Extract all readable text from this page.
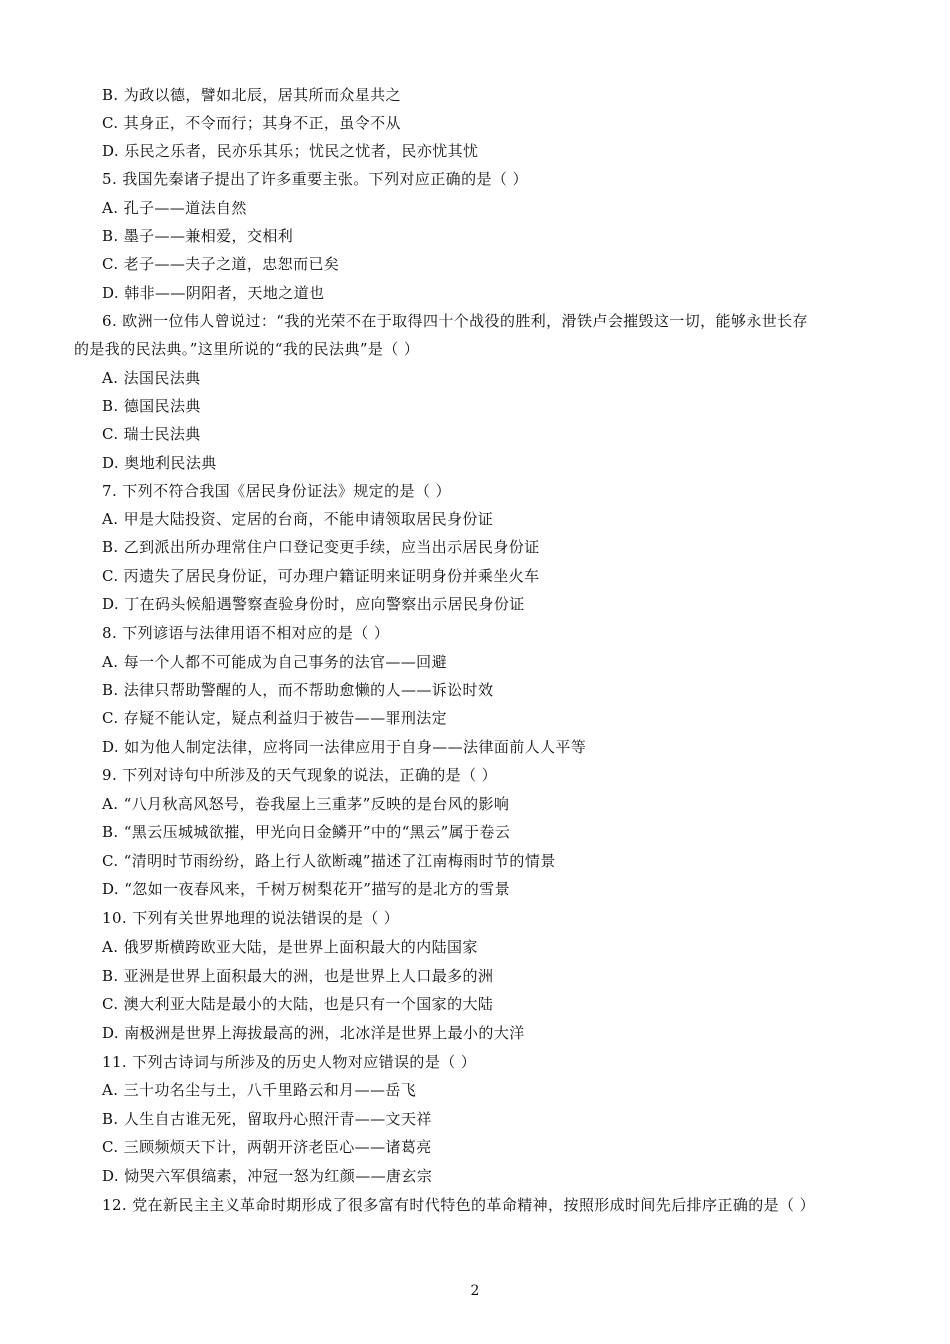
B. 为政以德，譬如北辰，居其所而众星共之
C. 其身正，不令而行；其身不正，虽令不从
D. 乐民之乐者，民亦乐其乐；忧民之忧者，民亦忧其忧
5. 我国先秦诸子提出了许多重要主张。下列对应正确的是（ ）
A. 孔子——道法自然
B. 墨子——兼相爱，交相利
C. 老子——夫子之道，忠恕而已矣
D. 韩非——阴阳者，天地之道也
6. 欧洲一位伟人曾说过：“我的光荣不在于取得四十个战役的胜利，滑铁卢会摧毁这一切，能够永世长存
的是我的民法典。”这里所说的“我的民法典”是（ ）
A. 法国民法典
B. 德国民法典
C. 瑞士民法典
D. 奥地利民法典
7. 下列不符合我国《居民身份证法》规定的是（ ）
A. 甲是大陆投资、定居的台商，不能申请领取居民身份证
B. 乙到派出所办理常住户口登记变更手续，应当出示居民身份证
C. 丙遗失了居民身份证，可办理户籍证明来证明身份并乘坐火车
D. 丁在码头候船遇警察查验身份时，应向警察出示居民身份证
8. 下列谚语与法律用语不相对应的是（ ）
A. 每一个人都不可能成为自己事务的法官——回避
B. 法律只帮助警醒的人，而不帮助愈懒的人——诉讼时效
C. 存疑不能认定，疑点利益归于被告——罪刑法定
D. 如为他人制定法律，应将同一法律应用于自身——法律面前人人平等
9. 下列对诗句中所涉及的天气现象的说法，正确的是（ ）
A. “八月秋高风怒号，卷我屋上三重茅”反映的是台风的影响
B. “黑云压城城欲摧，甲光向日金鳞开”中的“黑云”属于卷云
C. “清明时节雨纷纷，路上行人欲断魂”描述了江南梅雨时节的情景
D. “忽如一夜春风来，千树万树梨花开”描写的是北方的雪景
10. 下列有关世界地理的说法错误的是（ ）
A. 俄罗斯横跨欧亚大陆，是世界上面积最大的内陆国家
B. 亚洲是世界上面积最大的洲，也是世界上人口最多的洲
C. 澳大利亚大陆是最小的大陆，也是只有一个国家的大陆
D. 南极洲是世界上海拔最高的洲，北冰洋是世界上最小的大洋
11. 下列古诗词与所涉及的历史人物对应错误的是（ ）
A. 三十功名尘与土，八千里路云和月——岳飞
B. 人生自古谁无死，留取丹心照汗青——文天祥
C. 三顾频烦天下计，两朝开济老臣心——诸葛亮
D. 恸哭六军俱缟素，冲冠一怒为红颜——唐玄宗
12. 党在新民主主义革命时期形成了很多富有时代特色的革命精神，按照形成时间先后排序正确的是（ ）
2
